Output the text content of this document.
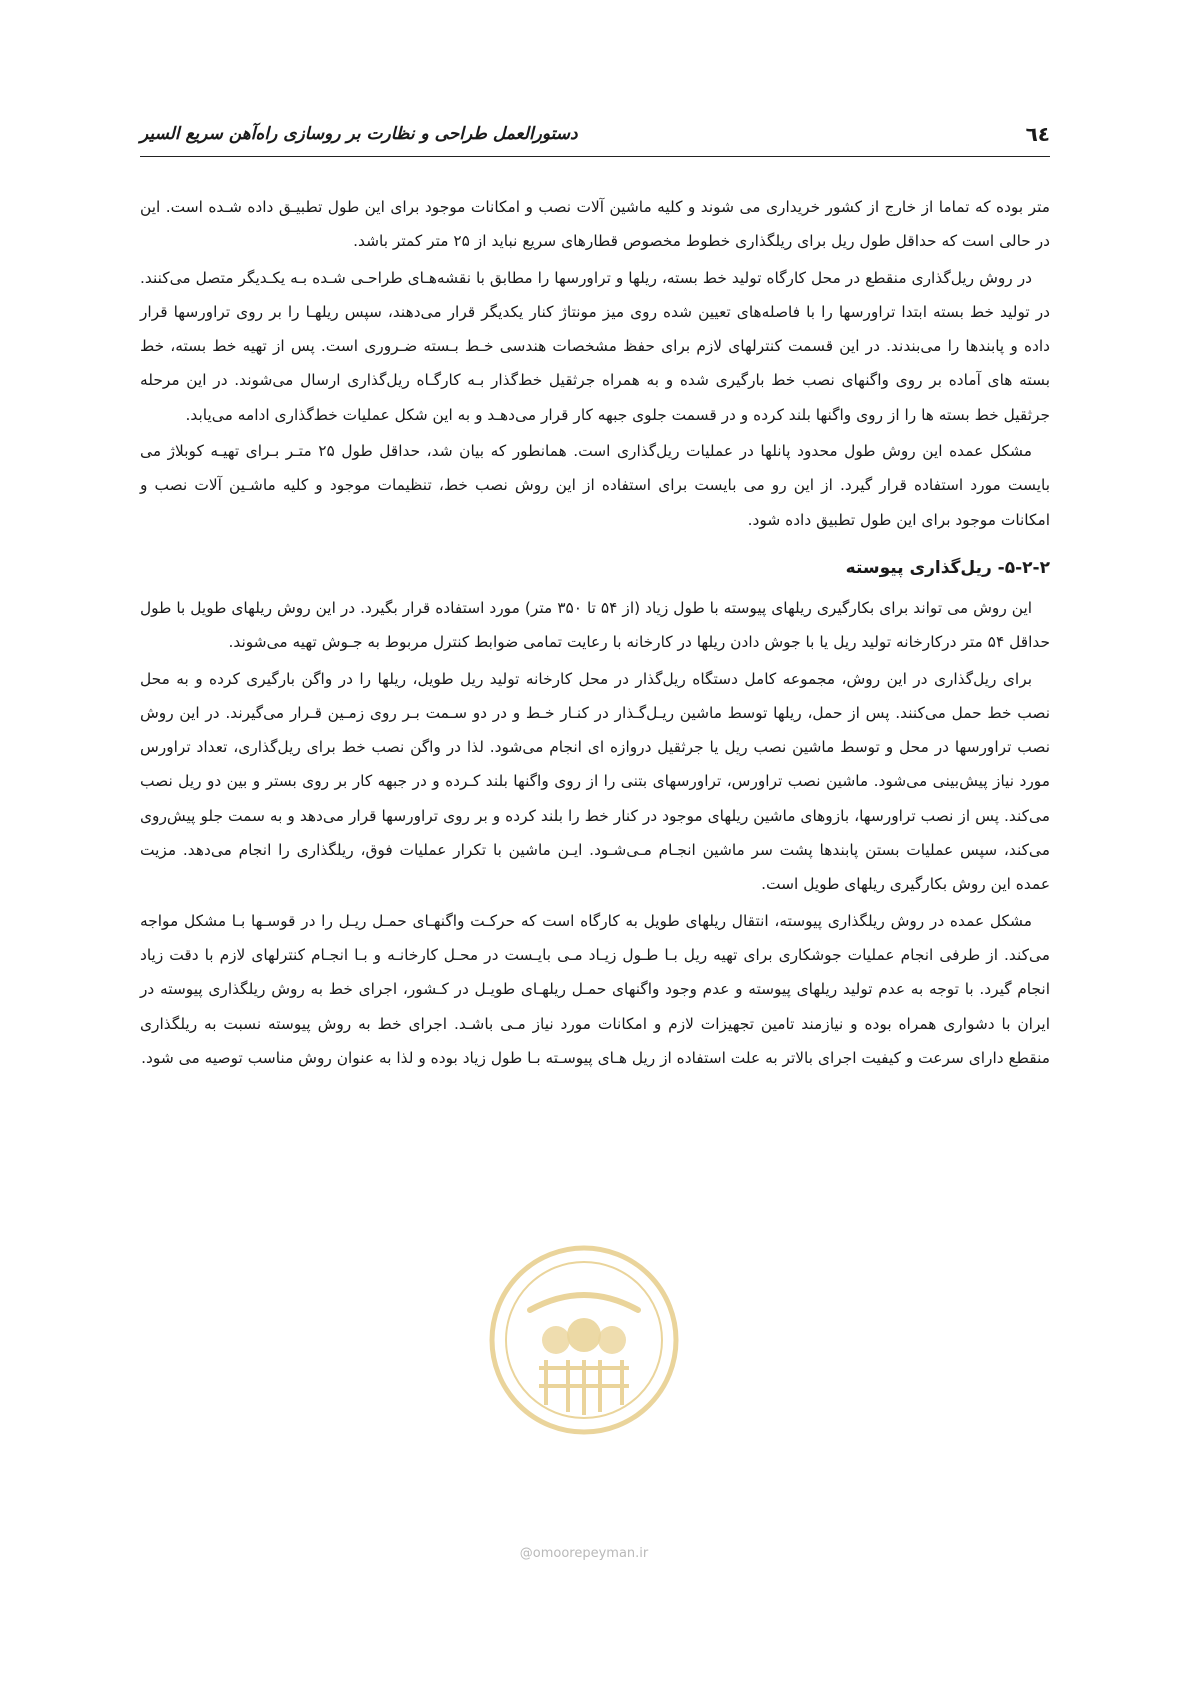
٦٤
دستورالعمل طراحی و نظارت بر روسازی راه‌آهن سریع السیر

متر بوده که تماما از خارج از کشور خریداری می شوند و کلیه ماشین آلات نصب و امکانات موجود برای این طول تطبیـق داده شـده است. این در حالی است که حداقل طول ریل برای ریلگذاری خطوط مخصوص قطارهای سریع نباید از ۲۵ متر کمتر باشد.

در روش ریل‌گذاری منقطع در محل کارگاه تولید خط بسته، ریلها و تراورسها را مطابق با نقشه‌هـای طراحـی شـده بـه یکـدیگر متصل می‌کنند. در تولید خط بسته ابتدا تراورسها را با فاصله‌های تعیین شده روی میز مونتاژ کنار یکدیگر قرار می‌دهند، سپس ریلهـا را بر روی تراورسها قرار داده و پابندها را می‌بندند. در این قسمت کنترلهای لازم برای حفظ مشخصات هندسی خـط بـسته ضـروری است. پس از تهیه خط بسته، خط بسته های آماده بر روی واگنهای نصب خط بارگیری شده و به همراه جرثقیل خط‌گذار بـه کارگـاه ریل‌گذاری ارسال می‌شوند. در این مرحله جرثقیل خط بسته ها را از روی واگنها بلند کرده و در قسمت جلوی جبهه کار قرار می‌دهـد و به این شکل عملیات خط‌گذاری ادامه می‌یابد.

مشکل عمده این روش طول محدود پانلها در عملیات ریل‌گذاری است. همانطور که بیان شد، حداقل طول ۲۵ متـر بـرای تهیـه کوبلاژ می بایست مورد استفاده قرار گیرد. از این رو می بایست برای استفاده از این روش نصب خط، تنظیمات موجود و کلیه ماشـین آلات نصب و امکانات موجود برای این طول تطبیق داده شود.

۵-۲-۲- ریل‌گذاری پیوسته

این روش می تواند برای بکارگیری ریلهای پیوسته با طول زیاد (از ۵۴ تا ۳۵۰ متر) مورد استفاده قرار بگیرد. در این روش ریلهای طویل با طول حداقل ۵۴ متر درکارخانه تولید ریل یا با جوش دادن ریلها در کارخانه با رعایت تمامی ضوابط کنترل مربوط به جـوش تهیه می‌شوند.

برای ریل‌گذاری در این روش، مجموعه کامل دستگاه ریل‌گذار در محل کارخانه تولید ریل طویل، ریلها را در واگن بارگیری کرده و به محل نصب خط حمل می‌کنند. پس از حمل، ریلها توسط ماشین ریـل‌گـذار در کنـار خـط و در دو سـمت بـر روی زمـین قـرار می‌گیرند. در این روش نصب تراورسها در محل و توسط ماشین نصب ریل یا جرثقیل دروازه ای انجام می‌شود. لذا در واگن نصب خط برای ریل‌گذاری، تعداد تراورس مورد نیاز پیش‌بینی می‌شود. ماشین نصب تراورس، تراورسهای بتنی را از روی واگنها بلند کـرده و در جبهه کار بر روی بستر و بین دو ریل نصب می‌کند. پس از نصب تراورسها، بازوهای ماشین ریلهای موجود در کنار خط را بلند کرده و بر روی تراورسها قرار می‌دهد و به سمت جلو پیش‌روی می‌کند، سپس عملیات بستن پابندها پشت سر ماشین انجـام مـی‌شـود. ایـن ماشین با تکرار عملیات فوق، ریلگذاری را انجام می‌دهد. مزیت عمده این روش بکارگیری ریلهای طویل است.

مشکل عمده در روش ریلگذاری پیوسته، انتقال ریلهای طویل به کارگاه است که حرکـت واگنهـای حمـل ریـل را در قوسـها بـا مشکل مواجه می‌کند. از طرفی انجام عملیات جوشکاری برای تهیه ریل بـا طـول زیـاد مـی بایـست در محـل کارخانـه و بـا انجـام کنترلهای لازم با دقت زیاد انجام گیرد. با توجه به عدم تولید ریلهای پیوسته و عدم وجود واگنهای حمـل ریلهـای طویـل در کـشور، اجرای خط به روش ریلگذاری پیوسته در ایران با دشواری همراه بوده و نیازمند تامین تجهیزات لازم و امکانات مورد نیاز مـی باشـد. اجرای خط به روش پیوسته نسبت به ریلگذاری منقطع دارای سرعت و کیفیت اجرای بالاتر به علت استفاده از ریل هـای پیوسـته بـا طول زیاد بوده و لذا به عنوان روش مناسب توصیه می شود.

@omoorepeyman.ir
